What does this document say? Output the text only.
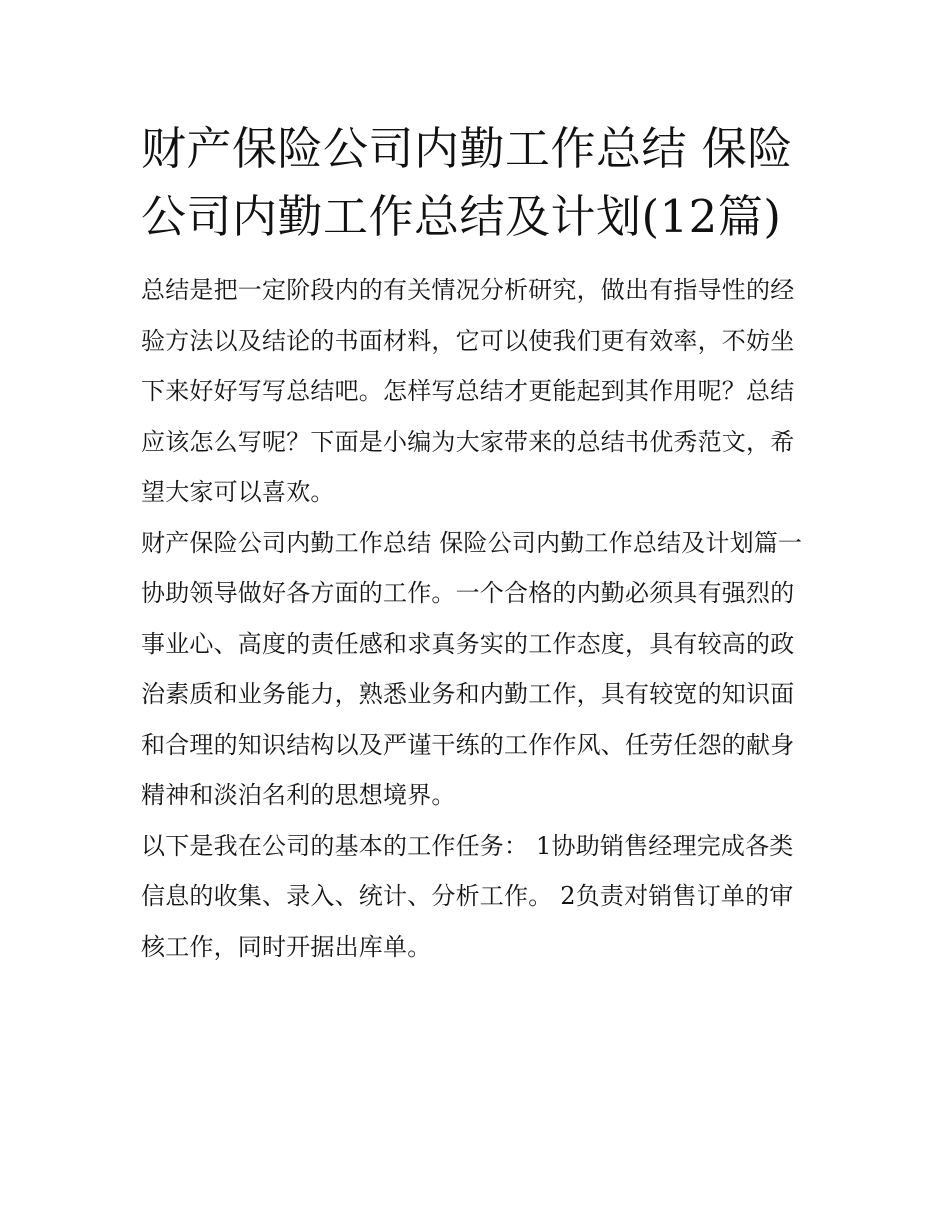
财产保险公司内勤工作总结 保险公司内勤工作总结及计划(12篇)

总结是把一定阶段内的有关情况分析研究，做出有指导性的经验方法以及结论的书面材料，它可以使我们更有效率，不妨坐下来好好写写总结吧。怎样写总结才更能起到其作用呢？总结应该怎么写呢？下面是小编为大家带来的总结书优秀范文，希望大家可以喜欢。

财产保险公司内勤工作总结 保险公司内勤工作总结及计划篇一

协助领导做好各方面的工作。一个合格的内勤必须具有强烈的事业心、高度的责任感和求真务实的工作态度，具有较高的政治素质和业务能力，熟悉业务和内勤工作，具有较宽的知识面和合理的知识结构以及严谨干练的工作作风、任劳任怨的献身精神和淡泊名利的思想境界。

以下是我在公司的基本的工作任务： 1协助销售经理完成各类信息的收集、录入、统计、分析工作。 2负责对销售订单的审核工作，同时开据出库单。
